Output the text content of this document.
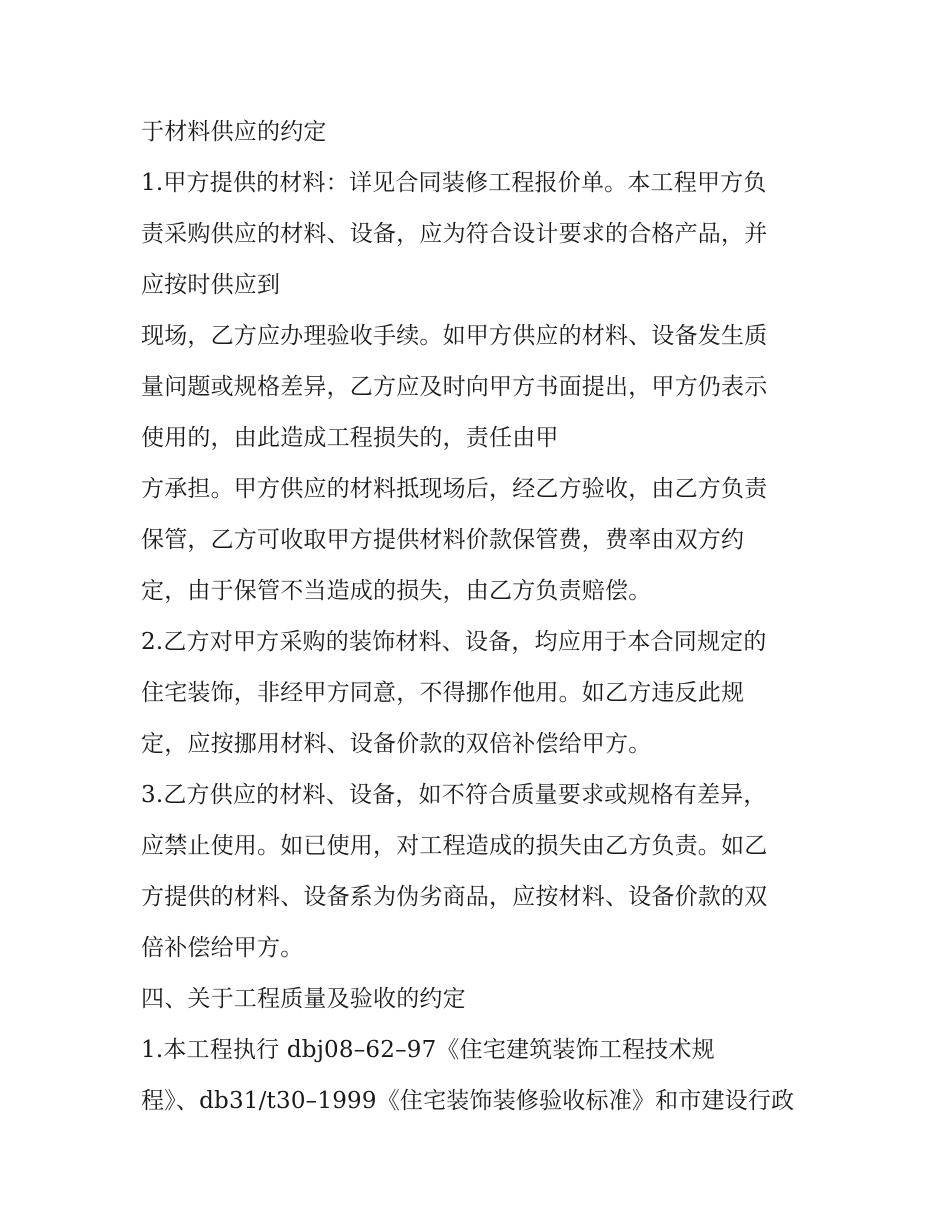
于材料供应的约定
1.甲方提供的材料：详见合同装修工程报价单。本工程甲方负
责采购供应的材料、设备，应为符合设计要求的合格产品，并
应按时供应到
现场，乙方应办理验收手续。如甲方供应的材料、设备发生质
量问题或规格差异，乙方应及时向甲方书面提出，甲方仍表示
使用的，由此造成工程损失的，责任由甲
方承担。甲方供应的材料抵现场后，经乙方验收，由乙方负责
保管，乙方可收取甲方提供材料价款保管费，费率由双方约
定，由于保管不当造成的损失，由乙方负责赔偿。
2.乙方对甲方采购的装饰材料、设备，均应用于本合同规定的
住宅装饰，非经甲方同意，不得挪作他用。如乙方违反此规
定，应按挪用材料、设备价款的双倍补偿给甲方。
3.乙方供应的材料、设备，如不符合质量要求或规格有差异，
应禁止使用。如已使用，对工程造成的损失由乙方负责。如乙
方提供的材料、设备系为伪劣商品，应按材料、设备价款的双
倍补偿给甲方。
四、关于工程质量及验收的约定
1.本工程执行 dbj08–62–97《住宅建筑装饰工程技术规
程》、db31/t30–1999《住宅装饰装修验收标准》和市建设行政
